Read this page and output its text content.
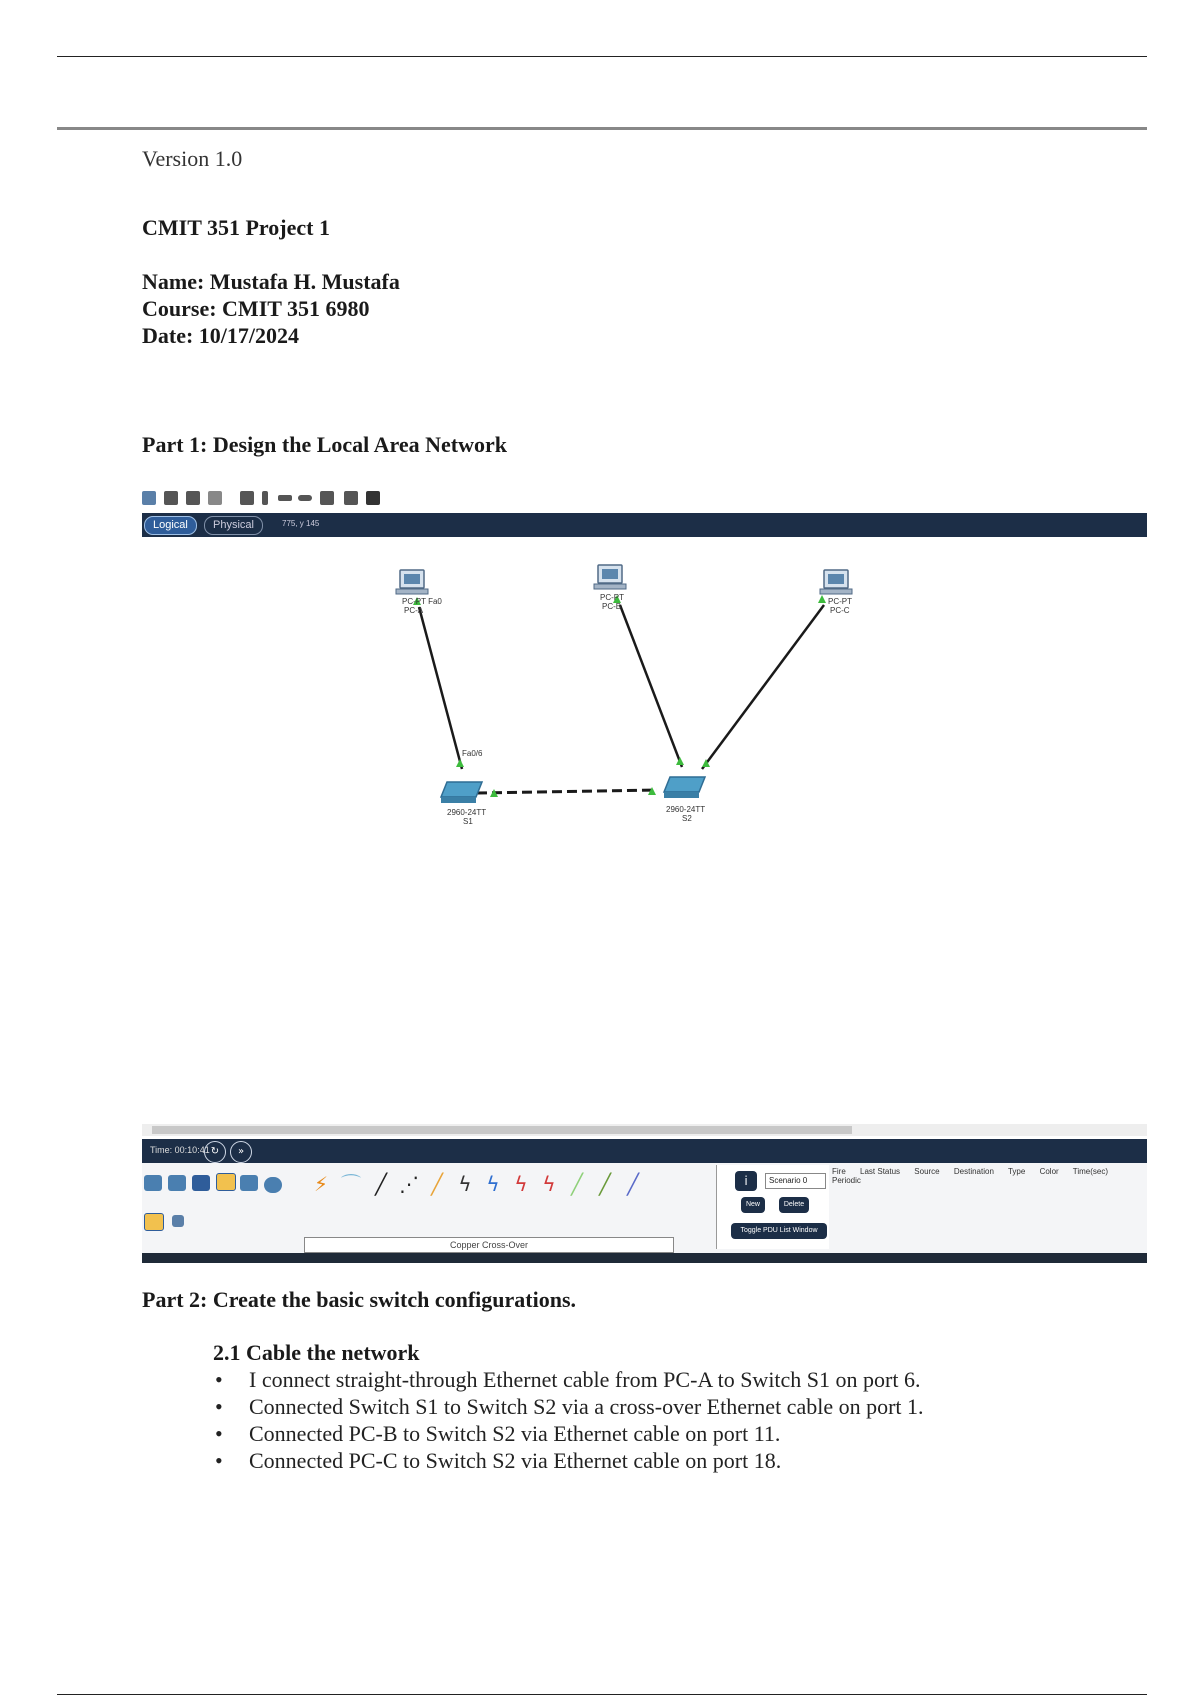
Version 1.0
CMIT 351 Project 1
Name: Mustafa H. Mustafa
Course: CMIT 351 6980
Date: 10/17/2024
Part 1: Design the Local Area Network
Logical	Physical	775, y 145
PC-PT Fa0
PC-A
PC-PT
PC-B
PC-PT
PC-C
Fa0/6
2960-24TT
S1
2960-24TT
S2
Time: 00:10:41 ↻	»
⚡ ⌒ ╱ ⋰ ╱ ϟ ϟ ϟ ϟ ╱ ╱ ╱
Copper Cross-Over
i	Scenario 0
New	Delete
Toggle PDU List Window
Fire Last Status Source Destination Type Color Time(sec) Periodic
Part 2: Create the basic switch configurations.
2.1 Cable the network
• I connect straight-through Ethernet cable from PC-A to Switch S1 on port 6.
• Connected Switch S1 to Switch S2 via a cross-over Ethernet cable on port 1.
• Connected PC-B to Switch S2 via Ethernet cable on port 11.
• Connected PC-C to Switch S2 via Ethernet cable on port 18.
